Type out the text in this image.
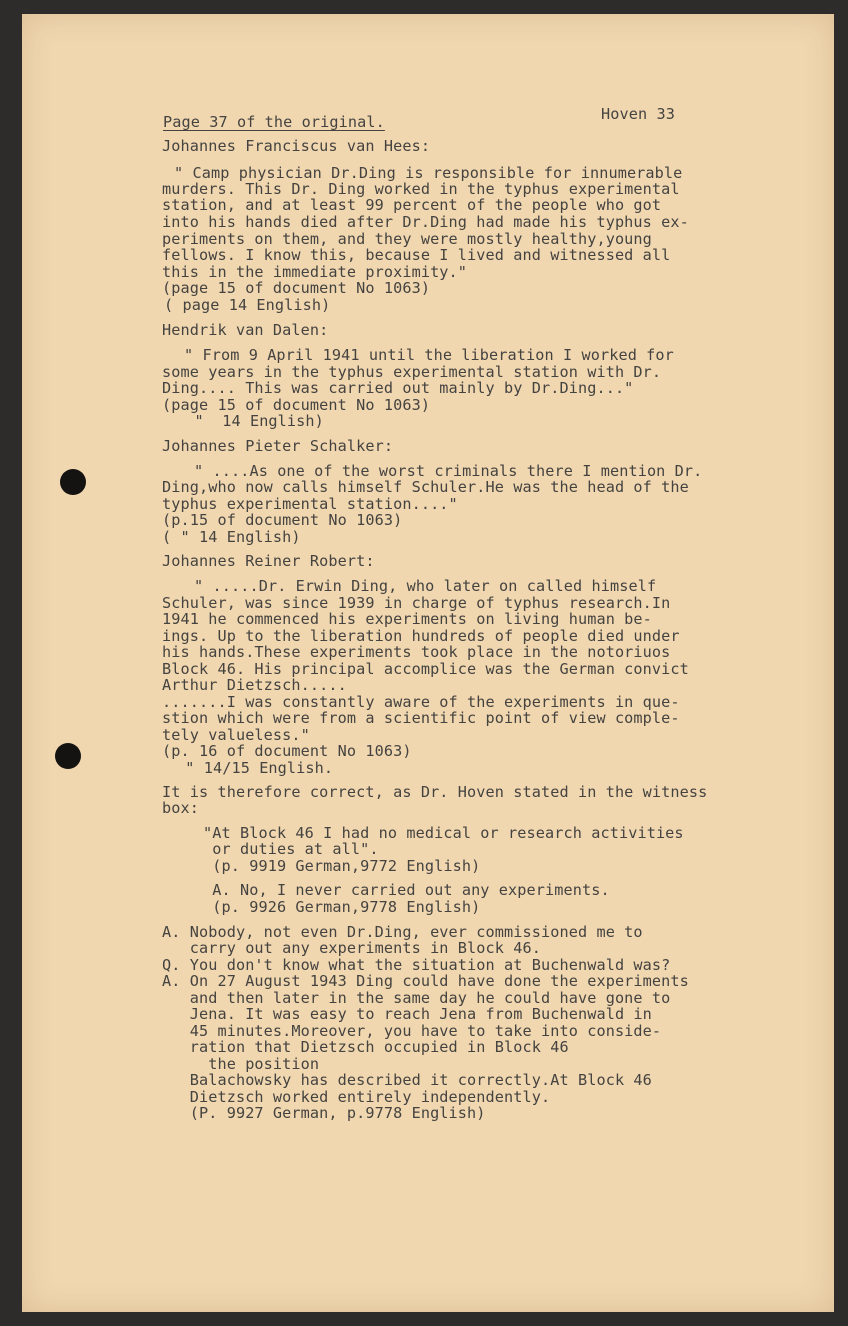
Page 37 of the original.	Hoven 33
Johannes Franciscus van Hees:
" Camp physician Dr.Ding is responsible for innumerable
murders. This Dr. Ding worked in the typhus experimental
station, and at least 99 percent of the people who got
into his hands died after Dr.Ding had made his typhus ex-
periments on them, and they were mostly healthy,young
fellows. I know this, because I lived and witnessed all
this in the immediate proximity."
(page 15 of document No 1063)
( page 14 English)
Hendrik van Dalen:
" From 9 April 1941 until the liberation I worked for
some years in the typhus experimental station with Dr.
Ding.... This was carried out mainly by Dr.Ding..."
(page 15 of document No 1063)
"  14 English)
Johannes Pieter Schalker:
" ....As one of the worst criminals there I mention Dr.
Ding,who now calls himself Schuler.He was the head of the
typhus experimental station...."
(p.15 of document No 1063)
( " 14 English)
Johannes Reiner Robert:
" .....Dr. Erwin Ding, who later on called himself
Schuler, was since 1939 in charge of typhus research.In
1941 he commenced his experiments on living human be-
ings. Up to the liberation hundreds of people died under
his hands.These experiments took place in the notoriuos
Block 46. His principal accomplice was the German convict
Arthur Dietzsch.....
.......I was constantly aware of the experiments in que-
stion which were from a scientific point of view comple-
tely valueless."
(p. 16 of document No 1063)
" 14/15 English.
It is therefore correct, as Dr. Hoven stated in the witness
box:
"At Block 46 I had no medical or research activities
or duties at all".
(p. 9919 German,9772 English)
A. No, I never carried out any experiments.
(p. 9926 German,9778 English)
A. Nobody, not even Dr.Ding, ever commissioned me to
carry out any experiments in Block 46.
Q. You don't know what the situation at Buchenwald was?
A. On 27 August 1943 Ding could have done the experiments
and then later in the same day he could have gone to
Jena. It was easy to reach Jena from Buchenwald in
45 minutes.Moreover, you have to take into conside-
ration that Dietzsch occupied in Block 46
the position
Balachowsky has described it correctly.At Block 46
Dietzsch worked entirely independently.
(P. 9927 German, p.9778 English)
